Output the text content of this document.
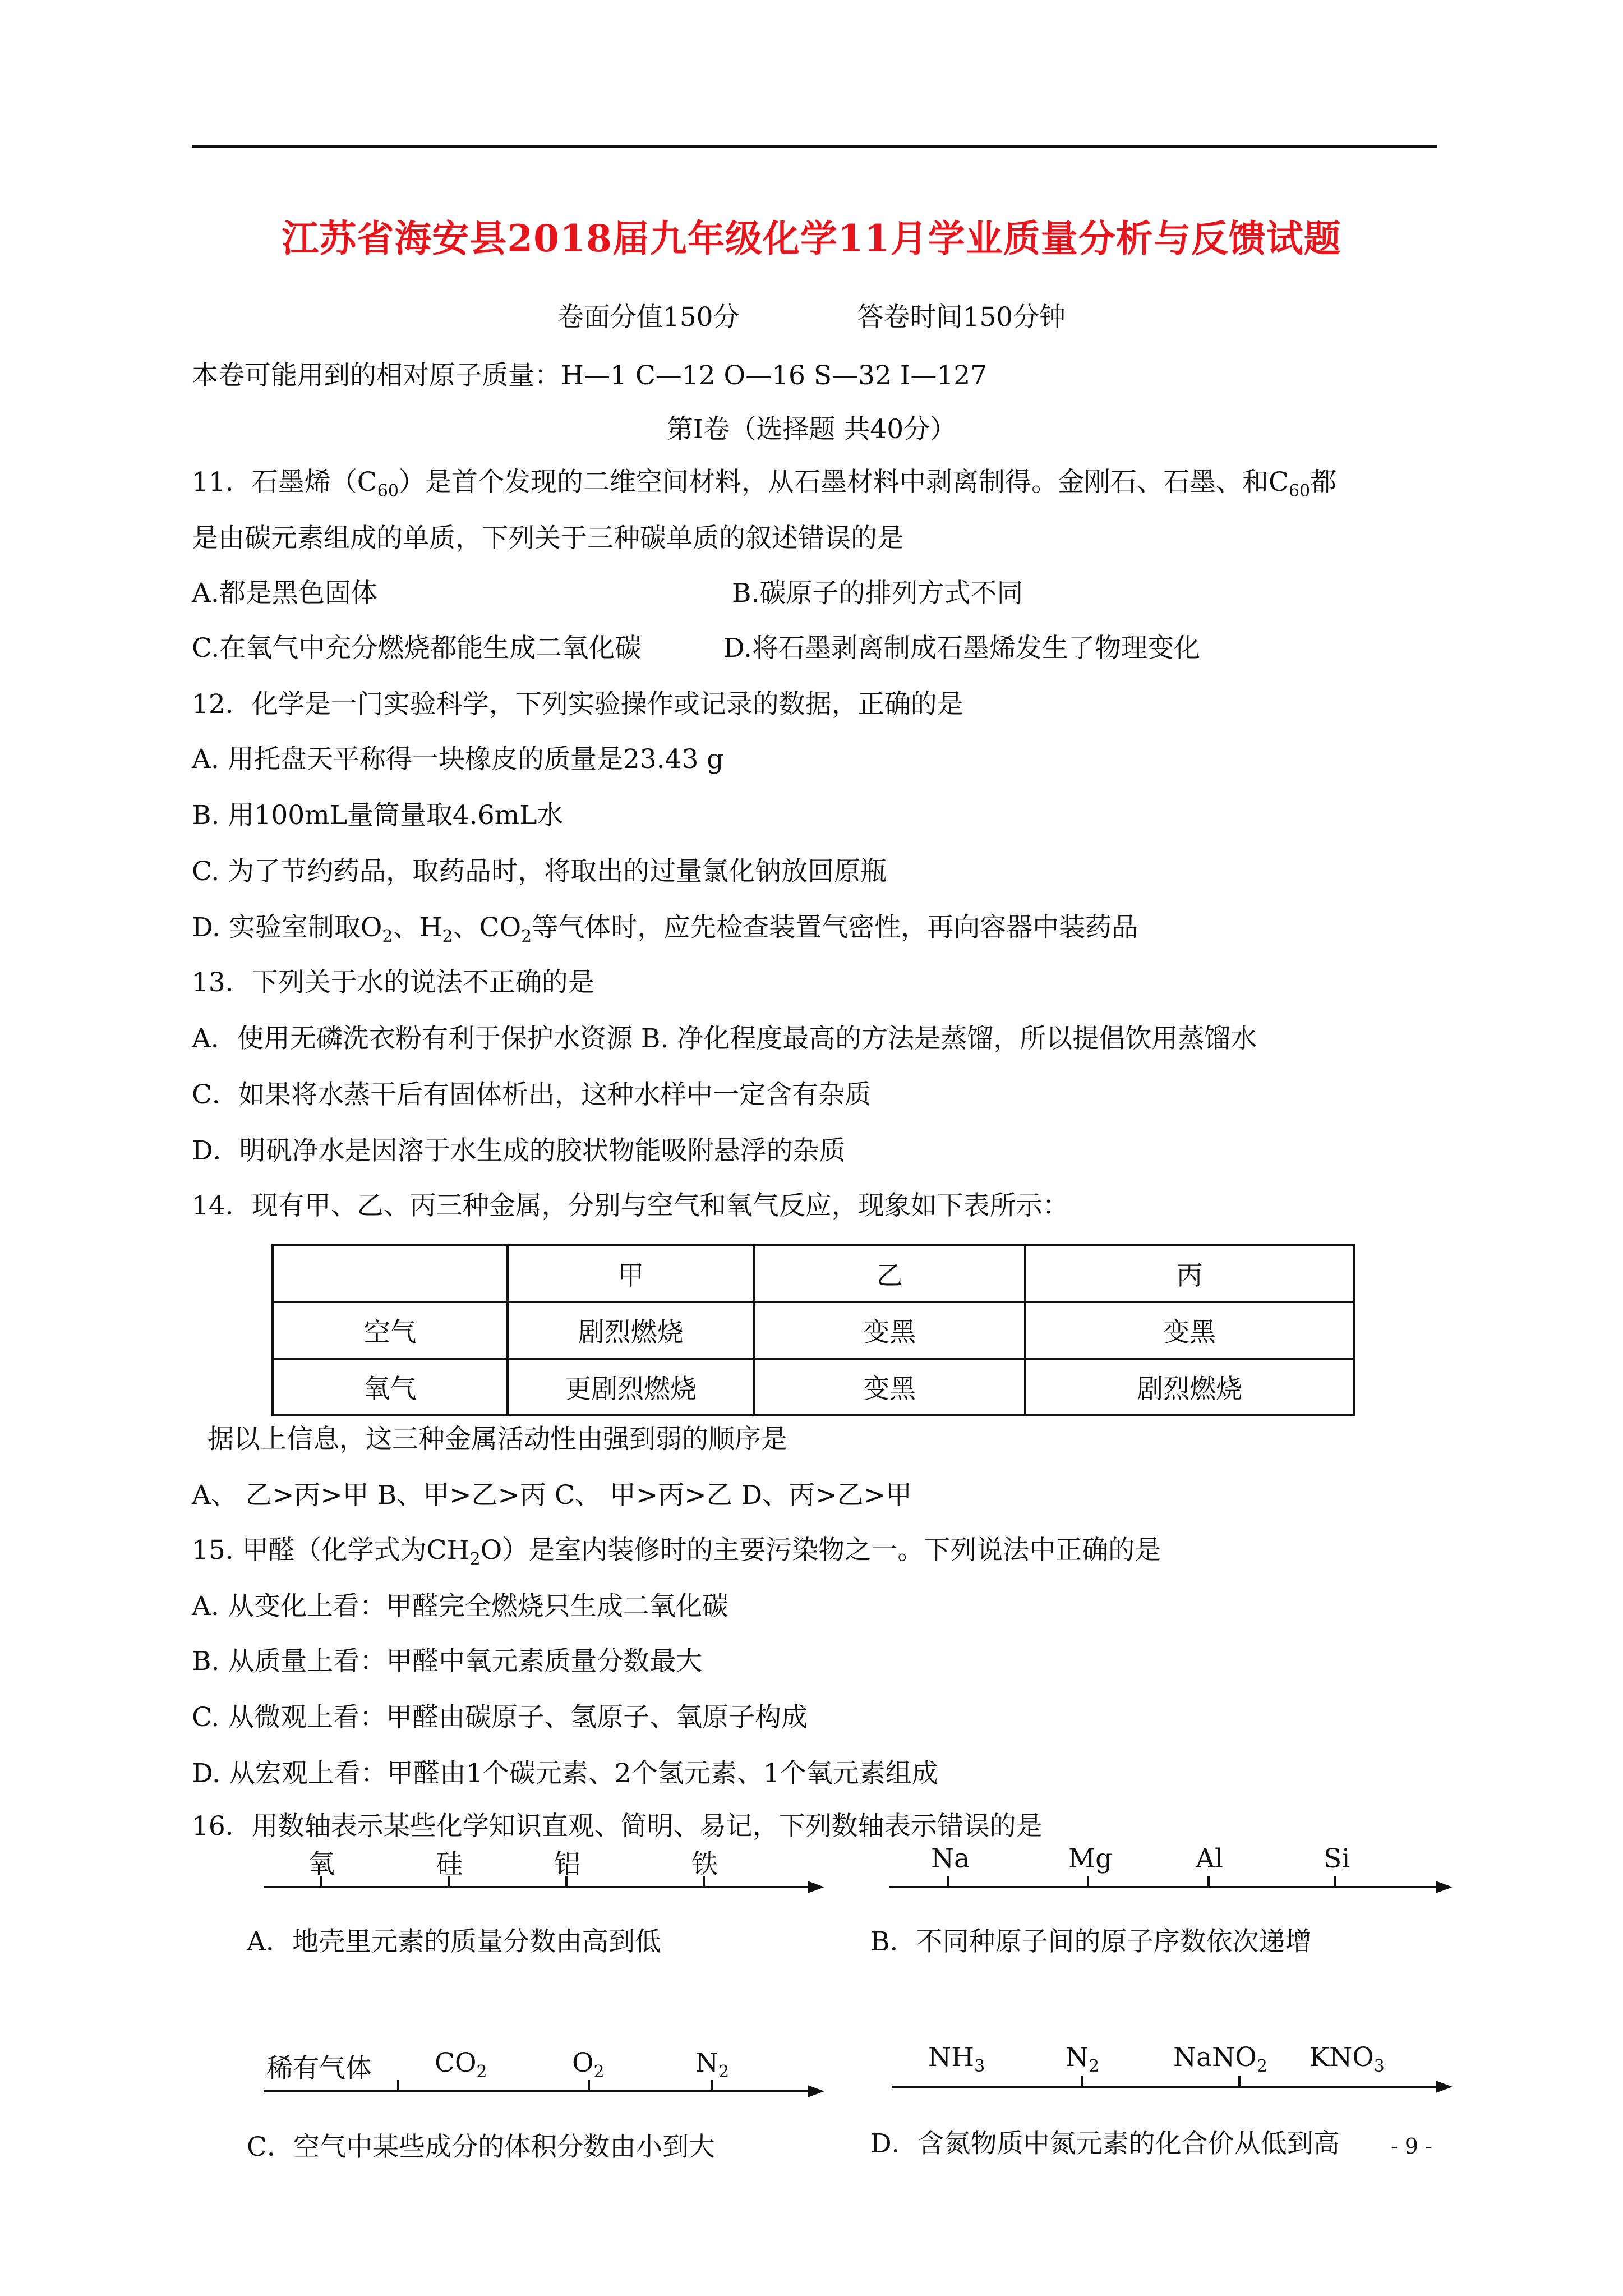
江苏省海安县2018届九年级化学11月学业质量分析与反馈试题
卷面分值150分	答卷时间150分钟
本卷可能用到的相对原子质量：H—1 C—12 O—16 S—32 I—127
第Ⅰ卷（选择题 共40分）
11．石墨烯$(C_{60})$是首个发现的二维空间材料，从石墨材料中剥离制得。金刚石、石墨、和$C_{60}$都
是由碳元素组成的单质，下列关于三种碳单质的叙述错误的是
A.都是黑色固体	B.碳原子的排列方式不同
C.在氧气中充分燃烧都能生成二氧化碳	D.将石墨剥离制成石墨烯发生了物理变化
12．化学是一门实验科学，下列实验操作或记录的数据，正确的是
A. 用托盘天平称得一块橡皮的质量是23.43 g
B. 用100mL量筒量取4.6mL水
C. 为了节约药品，取药品时，将取出的过量氯化钠放回原瓶
D. 实验室制取$O_2$、$H_2$、$CO_2$等气体时，应先检查装置气密性，再向容器中装药品
13．下列关于水的说法不正确的是
A．使用无磷洗衣粉有利于保护水资源 B. 净化程度最高的方法是蒸馏，所以提倡饮用蒸馏水
C．如果将水蒸干后有固体析出，这种水样中一定含有杂质
D．明矾净水是因溶于水生成的胶状物能吸附悬浮的杂质
14．现有甲、乙、丙三种金属，分别与空气和氧气反应，现象如下表所示：
	甲	乙	丙
空气	剧烈燃烧	变黑	变黑
氧气	更剧烈燃烧	变黑	剧烈燃烧
据以上信息，这三种金属活动性由强到弱的顺序是
A、 乙>丙>甲 B、甲>乙>丙 C、 甲>丙>乙 D、丙>乙>甲
15. 甲醛（化学式为$CH_2O$）是室内装修时的主要污染物之一。下列说法中正确的是
A. 从变化上看：甲醛完全燃烧只生成二氧化碳
B. 从质量上看：甲醛中氧元素质量分数最大
C. 从微观上看：甲醛由碳原子、氢原子、氧原子构成
D. 从宏观上看：甲醛由1个碳元素、2个氢元素、1个氧元素组成
16．用数轴表示某些化学知识直观、简明、易记，下列数轴表示错误的是
氧	硅	铝	铁
A．地壳里元素的质量分数由高到低
Na	Mg	Al	Si
B．不同种原子间的原子序数依次递增
稀有气体 $CO_2$	$O_2$	$N_2$
C．空气中某些成分的体积分数由小到大
$NH_3$	$N_2$	NaNO$_2$ $KNO_3$
D．含氮物质中氮元素的化合价从低到高 - 9 -
